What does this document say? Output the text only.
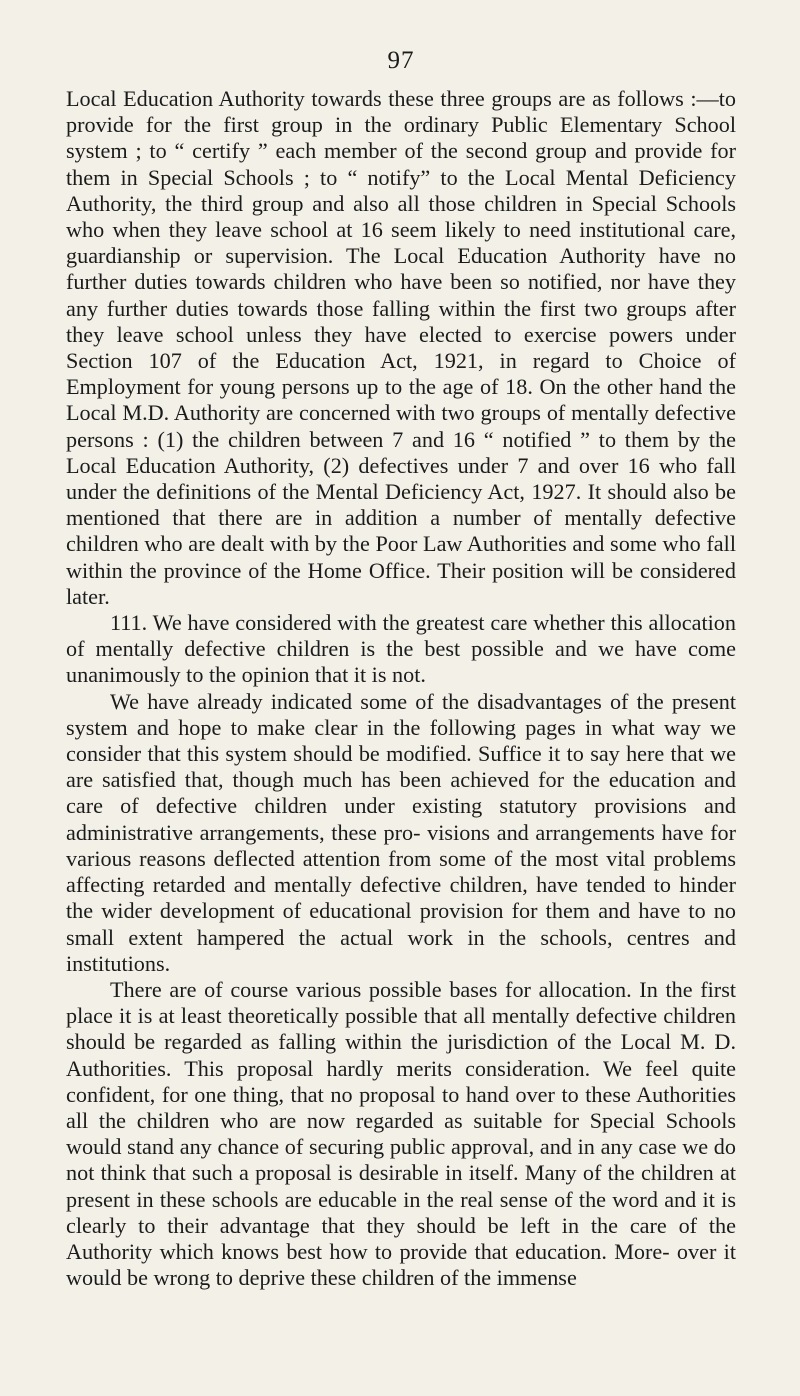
97

Local Education Authority towards these three groups are as follows :—to provide for the first group in the ordinary Public Elementary School system ; to “ certify ” each member of the second group and provide for them in Special Schools ; to “ notify” to the Local Mental Deficiency Authority, the third group and also all those children in Special Schools who when they leave school at 16 seem likely to need institutional care, guardianship or supervision. The Local Education Authority have no further duties towards children who have been so notified, nor have they any further duties towards those falling within the first two groups after they leave school unless they have elected to exercise powers under Section 107 of the Education Act, 1921, in regard to Choice of Employment for young persons up to the age of 18. On the other hand the Local M.D. Authority are concerned with two groups of mentally defective persons : (1) the children between 7 and 16 “ notified ” to them by the Local Education Authority, (2) defectives under 7 and over 16 who fall under the definitions of the Mental Deficiency Act, 1927. It should also be mentioned that there are in addition a number of mentally defective children who are dealt with by the Poor Law Authorities and some who fall within the province of the Home Office. Their position will be considered later.

111. We have considered with the greatest care whether this allocation of mentally defective children is the best possible and we have come unanimously to the opinion that it is not.

We have already indicated some of the disadvantages of the present system and hope to make clear in the following pages in what way we consider that this system should be modified. Suffice it to say here that we are satisfied that, though much has been achieved for the education and care of defective children under existing statutory provisions and administrative arrangements, these pro- visions and arrangements have for various reasons deflected attention from some of the most vital problems affecting retarded and mentally defective children, have tended to hinder the wider development of educational provision for them and have to no small extent hampered the actual work in the schools, centres and institutions.

There are of course various possible bases for allocation. In the first place it is at least theoretically possible that all mentally defective children should be regarded as falling within the jurisdiction of the Local M. D. Authorities. This proposal hardly merits consideration. We feel quite confident, for one thing, that no proposal to hand over to these Authorities all the children who are now regarded as suitable for Special Schools would stand any chance of securing public approval, and in any case we do not think that such a proposal is desirable in itself. Many of the children at present in these schools are educable in the real sense of the word and it is clearly to their advantage that they should be left in the care of the Authority which knows best how to provide that education. More- over it would be wrong to deprive these children of the immense
